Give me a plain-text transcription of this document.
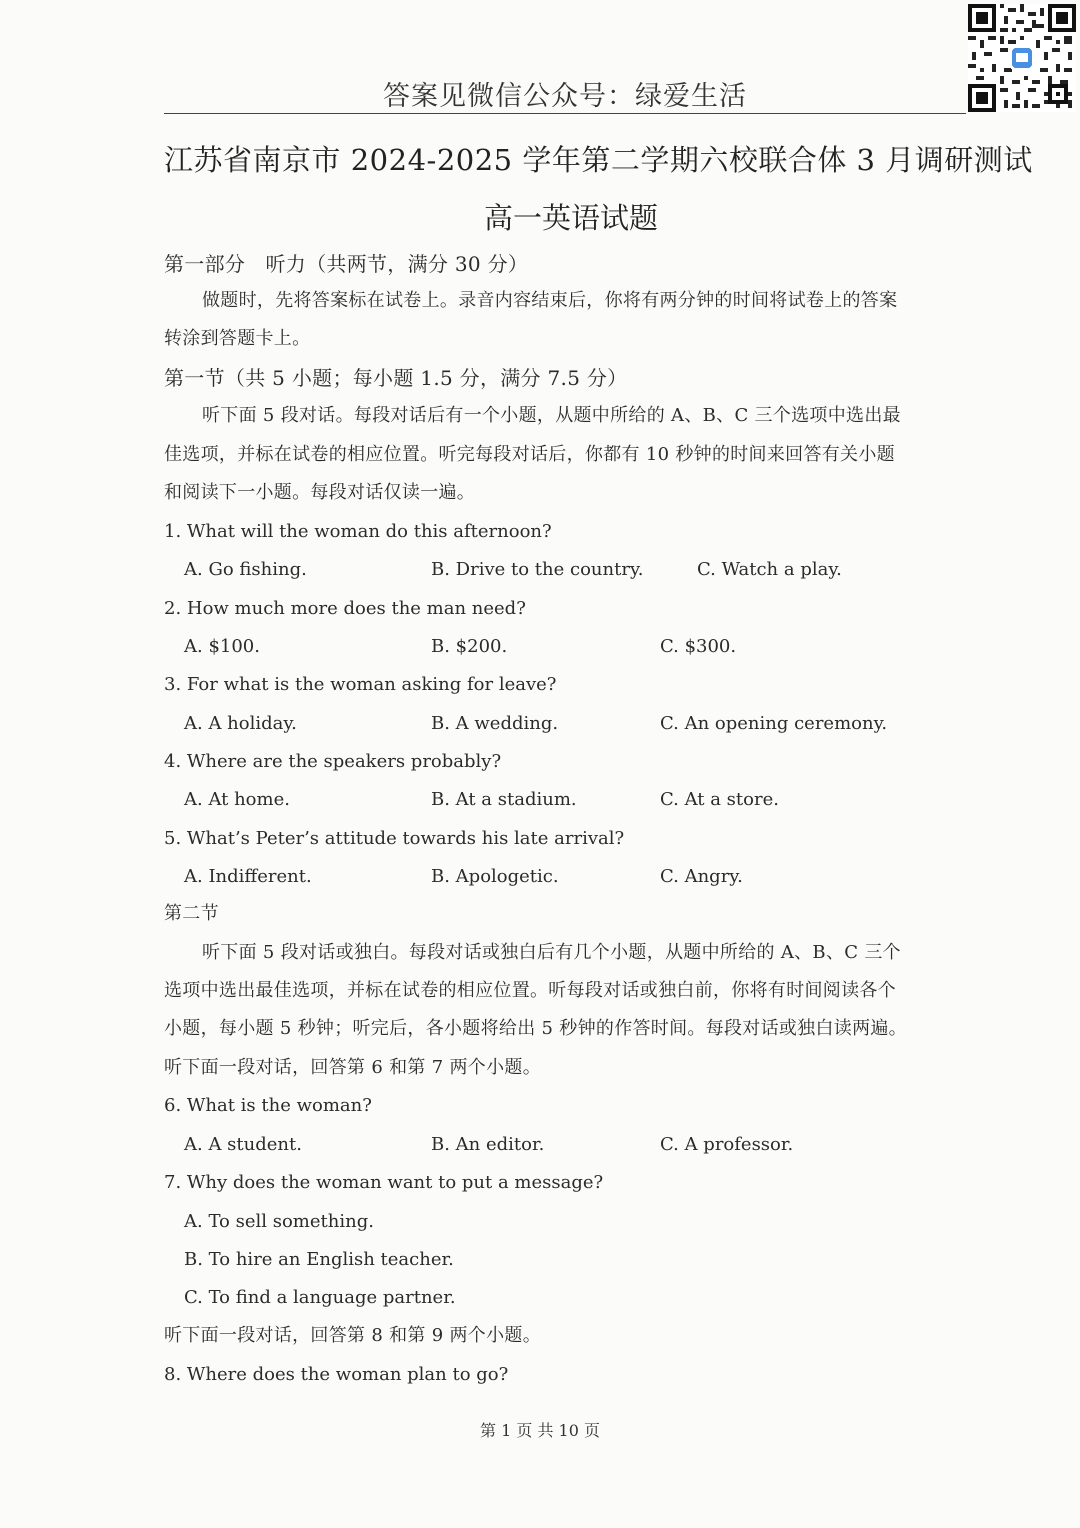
答案见微信公众号：绿爱生活
江苏省南京市 2024-2025 学年第二学期六校联合体 3 月调研测试
高一英语试题
第一部分　听力（共两节，满分 30 分）
做题时，先将答案标在试卷上。录音内容结束后，你将有两分钟的时间将试卷上的答案
转涂到答题卡上。
第一节（共 5 小题；每小题 1.5 分，满分 7.5 分）
听下面 5 段对话。每段对话后有一个小题，从题中所给的 A、B、C 三个选项中选出最
佳选项，并标在试卷的相应位置。听完每段对话后，你都有 10 秒钟的时间来回答有关小题
和阅读下一小题。每段对话仅读一遍。
1. What will the woman do this afternoon?
A. Go fishing.	B. Drive to the country.	C. Watch a play.
2. How much more does the man need?
A. $100.	B. $200.	C. $300.
3. For what is the woman asking for leave?
A. A holiday.	B. A wedding.	C. An opening ceremony.
4. Where are the speakers probably?
A. At home.	B. At a stadium.	C. At a store.
5. What’s Peter’s attitude towards his late arrival?
A. Indifferent.	B. Apologetic.	C. Angry.
第二节
听下面 5 段对话或独白。每段对话或独白后有几个小题，从题中所给的 A、B、C 三个
选项中选出最佳选项，并标在试卷的相应位置。听每段对话或独白前，你将有时间阅读各个
小题，每小题 5 秒钟；听完后，各小题将给出 5 秒钟的作答时间。每段对话或独白读两遍。
听下面一段对话，回答第 6 和第 7 两个小题。
6. What is the woman?
A. A student.	B. An editor.	C. A professor.
7. Why does the woman want to put a message?
A. To sell something.
B. To hire an English teacher.
C. To find a language partner.
听下面一段对话，回答第 8 和第 9 两个小题。
8. Where does the woman plan to go?
第 1 页 共 10 页
